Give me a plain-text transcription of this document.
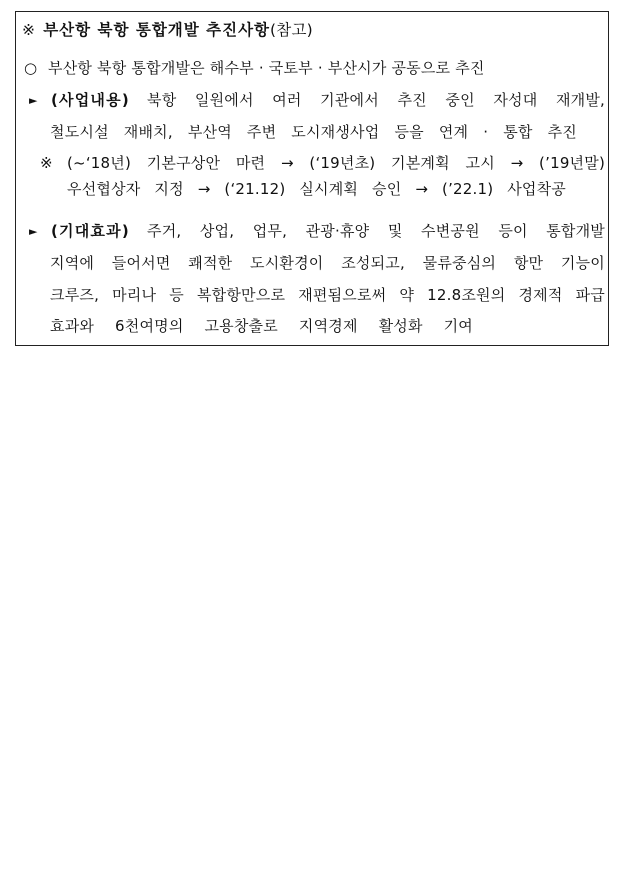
※ 부산항 북항 통합개발 추진사항(참고)
○ 부산항 북항 통합개발은 해수부 · 국토부 · 부산시가 공동으로 추진
► (사업내용) 북항 일원에서 여러 기관에서 추진 중인 자성대 재개발,
철도시설 재배치, 부산역 주변 도시재생사업 등을 연계 · 통합 추진
※ (~‘18년) 기본구상안 마련 → (‘19년초) 기본계획 고시 → (’19년말)
우선협상자 지정 → (‘21.12) 실시계획 승인 → (’22.1) 사업착공
► (기대효과) 주거, 상업, 업무, 관광·휴양 및 수변공원 등이 통합개발
지역에 들어서면 쾌적한 도시환경이 조성되고, 물류중심의 항만 기능이
크루즈, 마리나 등 복합항만으로 재편됨으로써 약 12.8조원의 경제적 파급
효과와 6천여명의 고용창출로 지역경제 활성화 기여
